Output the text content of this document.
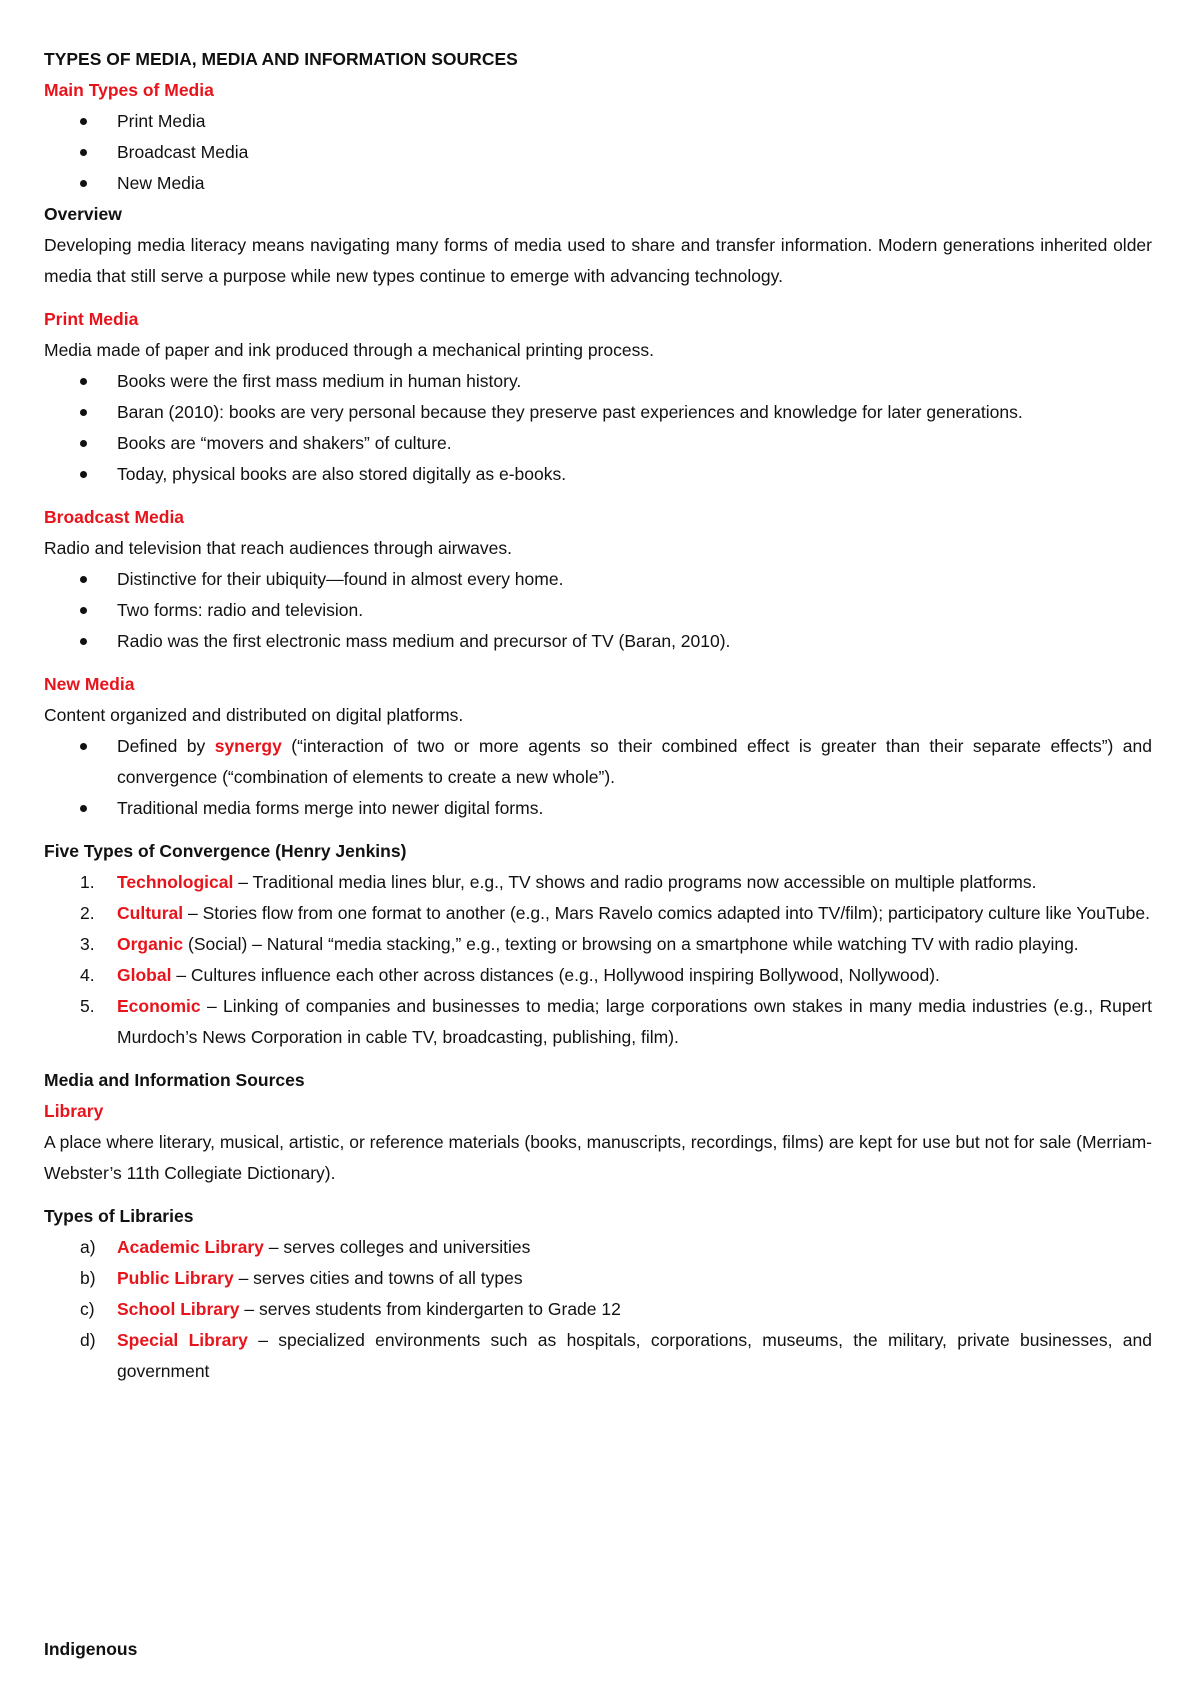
TYPES OF MEDIA, MEDIA AND INFORMATION SOURCES
Main Types of Media
Print Media
Broadcast Media
New Media
Overview
Developing media literacy means navigating many forms of media used to share and transfer information. Modern generations inherited older media that still serve a purpose while new types continue to emerge with advancing technology.
Print Media
Media made of paper and ink produced through a mechanical printing process.
Books were the first mass medium in human history.
Baran (2010): books are very personal because they preserve past experiences and knowledge for later generations.
Books are “movers and shakers” of culture.
Today, physical books are also stored digitally as e-books.
Broadcast Media
Radio and television that reach audiences through airwaves.
Distinctive for their ubiquity—found in almost every home.
Two forms: radio and television.
Radio was the first electronic mass medium and precursor of TV (Baran, 2010).
New Media
Content organized and distributed on digital platforms.
Defined by synergy (“interaction of two or more agents so their combined effect is greater than their separate effects”) and convergence (“combination of elements to create a new whole”).
Traditional media forms merge into newer digital forms.
Five Types of Convergence (Henry Jenkins)
1. Technological – Traditional media lines blur, e.g., TV shows and radio programs now accessible on multiple platforms.
2. Cultural – Stories flow from one format to another (e.g., Mars Ravelo comics adapted into TV/film); participatory culture like YouTube.
3. Organic (Social) – Natural “media stacking,” e.g., texting or browsing on a smartphone while watching TV with radio playing.
4. Global – Cultures influence each other across distances (e.g., Hollywood inspiring Bollywood, Nollywood).
5. Economic – Linking of companies and businesses to media; large corporations own stakes in many media industries (e.g., Rupert Murdoch’s News Corporation in cable TV, broadcasting, publishing, film).
Media and Information Sources
Library
A place where literary, musical, artistic, or reference materials (books, manuscripts, recordings, films) are kept for use but not for sale (Merriam-Webster’s 11th Collegiate Dictionary).
Types of Libraries
a) Academic Library – serves colleges and universities
b) Public Library – serves cities and towns of all types
c) School Library – serves students from kindergarten to Grade 12
d) Special Library – specialized environments such as hospitals, corporations, museums, the military, private businesses, and government
Indigenous
